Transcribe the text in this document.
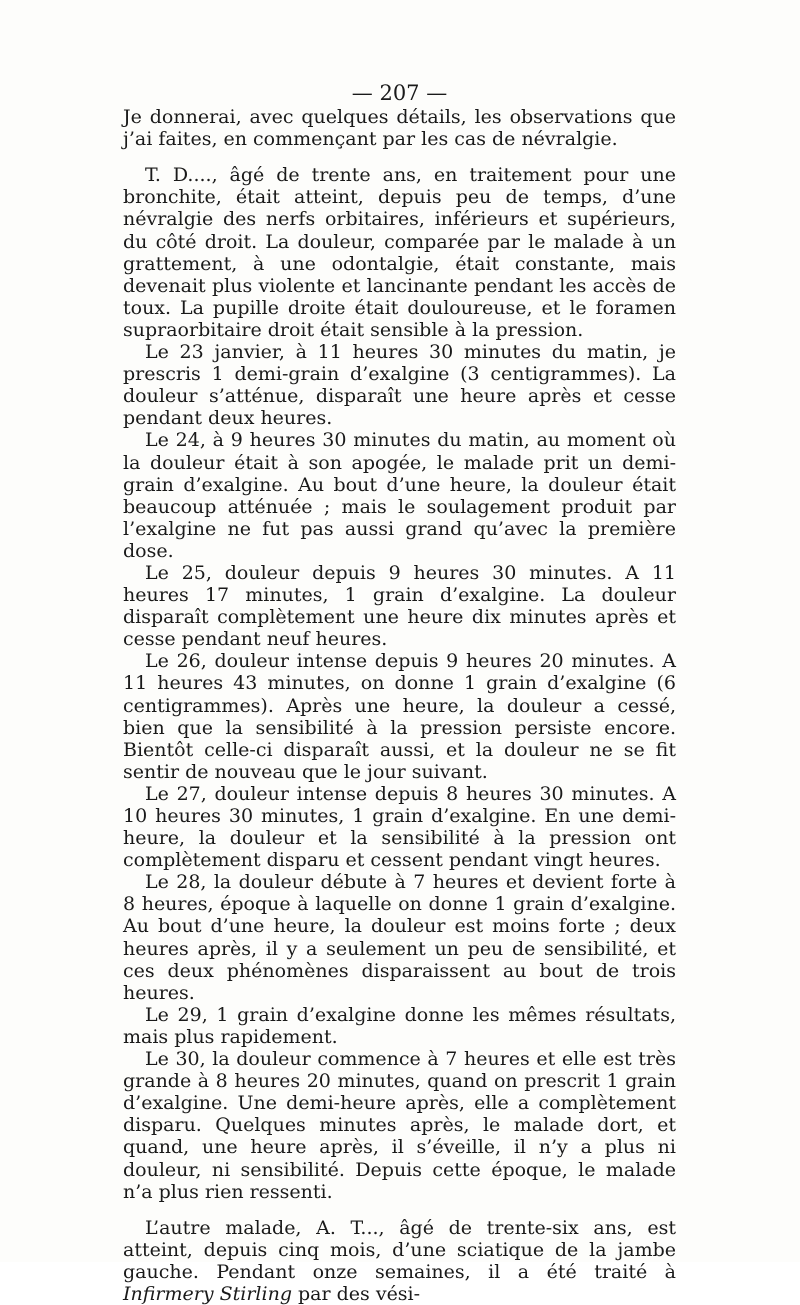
— 207 —

Je donnerai, avec quelques détails, les observations que j’ai faites, en commençant par les cas de névralgie.

T. D...., âgé de trente ans, en traitement pour une bronchite, était atteint, depuis peu de temps, d’une névralgie des nerfs orbitaires, inférieurs et supérieurs, du côté droit. La douleur, comparée par le malade à un grattement, à une odontalgie, était constante, mais devenait plus violente et lancinante pendant les accès de toux. La pupille droite était douloureuse, et le foramen supraorbitaire droit était sensible à la pression.

Le 23 janvier, à 11 heures 30 minutes du matin, je prescris 1 demi-grain d’exalgine (3 centigrammes). La douleur s’atténue, disparaît une heure après et cesse pendant deux heures.

Le 24, à 9 heures 30 minutes du matin, au moment où la douleur était à son apogée, le malade prit un demi-grain d’exalgine. Au bout d’une heure, la douleur était beaucoup atténuée ; mais le soulagement produit par l’exalgine ne fut pas aussi grand qu’avec la première dose.

Le 25, douleur depuis 9 heures 30 minutes. A 11 heures 17 minutes, 1 grain d’exalgine. La douleur disparaît complètement une heure dix minutes après et cesse pendant neuf heures.

Le 26, douleur intense depuis 9 heures 20 minutes. A 11 heures 43 minutes, on donne 1 grain d’exalgine (6 centigrammes). Après une heure, la douleur a cessé, bien que la sensibilité à la pression persiste encore. Bientôt celle-ci disparaît aussi, et la douleur ne se fit sentir de nouveau que le jour suivant.

Le 27, douleur intense depuis 8 heures 30 minutes. A 10 heures 30 minutes, 1 grain d’exalgine. En une demi-heure, la douleur et la sensibilité à la pression ont complètement disparu et cessent pendant vingt heures.

Le 28, la douleur débute à 7 heures et devient forte à 8 heures, époque à laquelle on donne 1 grain d’exalgine. Au bout d’une heure, la douleur est moins forte ; deux heures après, il y a seulement un peu de sensibilité, et ces deux phénomènes disparaissent au bout de trois heures.

Le 29, 1 grain d’exalgine donne les mêmes résultats, mais plus rapidement.

Le 30, la douleur commence à 7 heures et elle est très grande à 8 heures 20 minutes, quand on prescrit 1 grain d’exalgine. Une demi-heure après, elle a complètement disparu. Quelques minutes après, le malade dort, et quand, une heure après, il s’éveille, il n’y a plus ni douleur, ni sensibilité. Depuis cette époque, le malade n’a plus rien ressenti.

L’autre malade, A. T..., âgé de trente-six ans, est atteint, depuis cinq mois, d’une sciatique de la jambe gauche. Pendant onze semaines, il a été traité à Infirmery Stirling par des vési-
